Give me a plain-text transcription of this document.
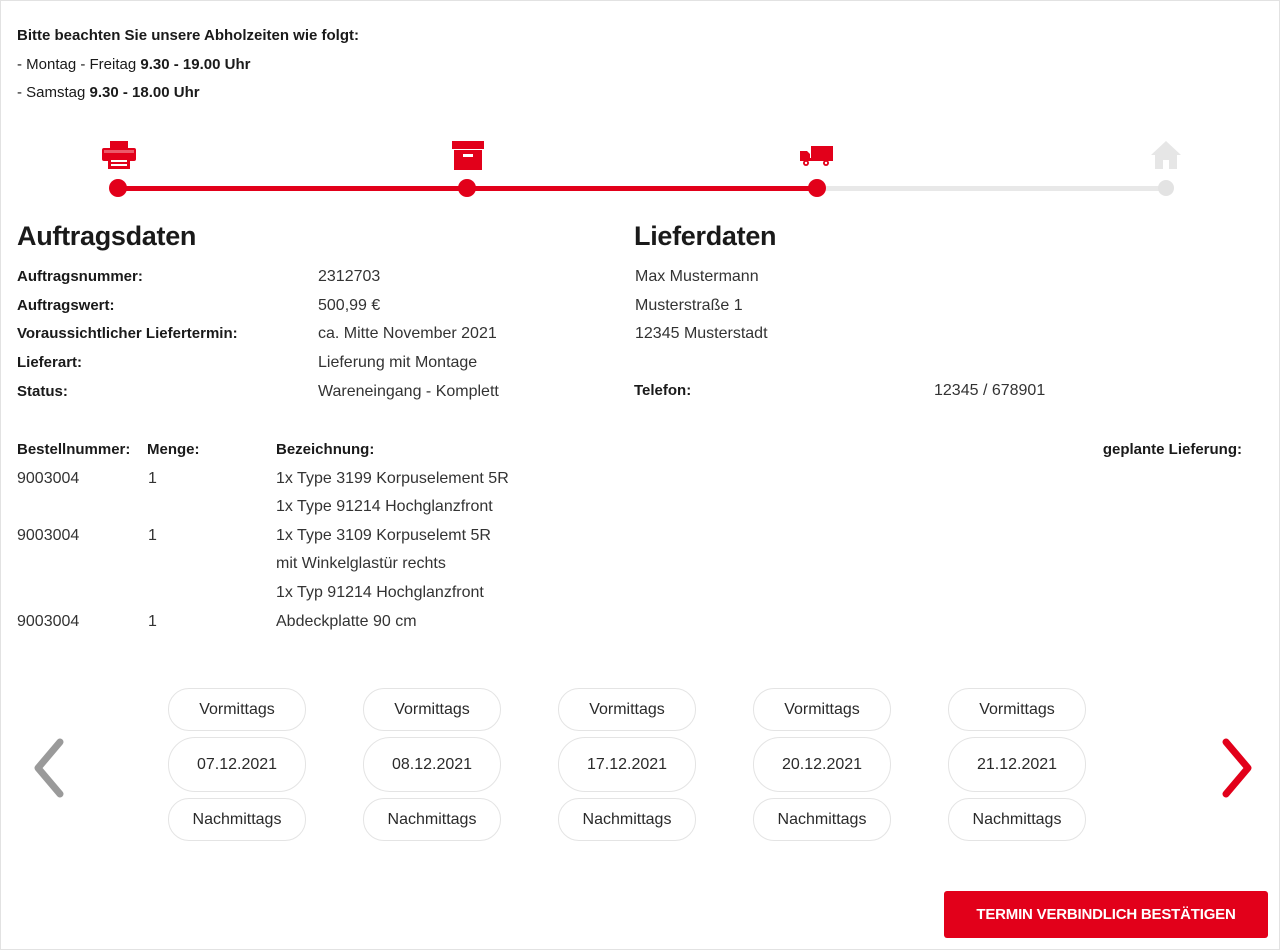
Bitte beachten Sie unsere Abholzeiten wie folgt:
- Montag - Freitag 9.30 - 19.00 Uhr
- Samstag 9.30 - 18.00 Uhr
Auftragsdaten	Lieferdaten
Auftragsnummer:	2312703
Auftragswert:	500,99 €
Voraussichtlicher Liefertermin:	ca. Mitte November 2021
Lieferart:	Lieferung mit Montage
Status:	Wareneingang - Komplett
Max Mustermann
Musterstraße 1
12345 Musterstadt
Telefon:	12345 / 678901
Bestellnummer: Menge:	Bezeichnung:	geplante Lieferung:
9003004	1	1x Type 3199 Korpuselement 5R
1x Type 91214 Hochglanzfront
9003004	1	1x Type 3109 Korpuselemt 5R
mit Winkelglastür rechts
1x Typ 91214 Hochglanzfront
9003004	1	Abdeckplatte 90 cm
Vormittags
07.12.2021
Nachmittags
Vormittags
08.12.2021
Nachmittags
Vormittags
17.12.2021
Nachmittags
Vormittags
20.12.2021
Nachmittags
Vormittags
21.12.2021
Nachmittags
TERMIN VERBINDLICH BESTÄTIGEN
